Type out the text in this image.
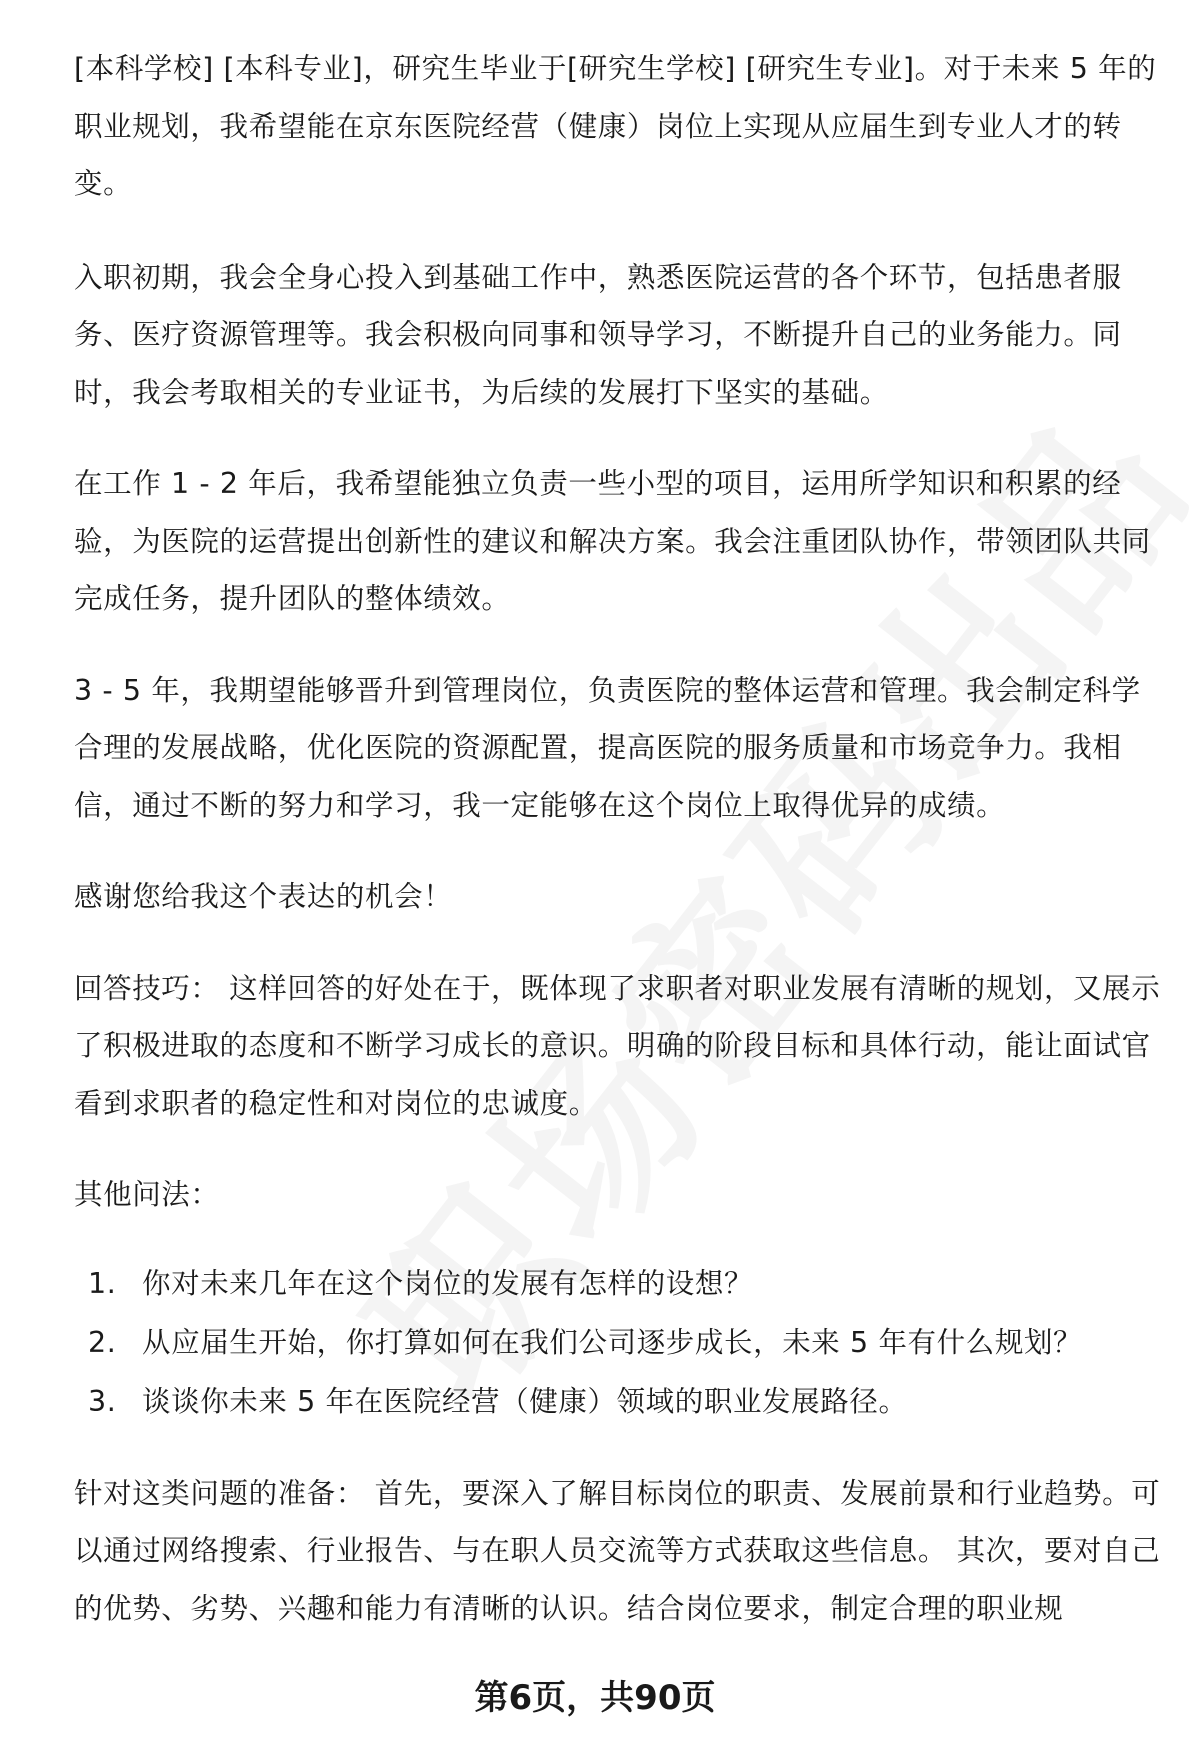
[本科学校] [本科专业]，研究生毕业于[研究生学校] [研究生专业]。对于未来 5 年的职业规划，我希望能在京东医院经营（健康）岗位上实现从应届生到专业人才的转变。

入职初期，我会全身心投入到基础工作中，熟悉医院运营的各个环节，包括患者服务、医疗资源管理等。我会积极向同事和领导学习，不断提升自己的业务能力。同时，我会考取相关的专业证书，为后续的发展打下坚实的基础。

在工作 1 - 2 年后，我希望能独立负责一些小型的项目，运用所学知识和积累的经验，为医院的运营提出创新性的建议和解决方案。我会注重团队协作，带领团队共同完成任务，提升团队的整体绩效。

3 - 5 年，我期望能够晋升到管理岗位，负责医院的整体运营和管理。我会制定科学合理的发展战略，优化医院的资源配置，提高医院的服务质量和市场竞争力。我相信，通过不断的努力和学习，我一定能够在这个岗位上取得优异的成绩。

感谢您给我这个表达的机会！

回答技巧： 这样回答的好处在于，既体现了求职者对职业发展有清晰的规划，又展示了积极进取的态度和不断学习成长的意识。明确的阶段目标和具体行动，能让面试官看到求职者的稳定性和对岗位的忠诚度。

其他问法：

1. 你对未来几年在这个岗位的发展有怎样的设想？
2. 从应届生开始，你打算如何在我们公司逐步成长，未来 5 年有什么规划？
3. 谈谈你未来 5 年在医院经营（健康）领域的职业发展路径。

针对这类问题的准备： 首先，要深入了解目标岗位的职责、发展前景和行业趋势。可以通过网络搜索、行业报告、与在职人员交流等方式获取这些信息。 其次，要对自己的优势、劣势、兴趣和能力有清晰的认识。结合岗位要求，制定合理的职业规

第6页，共90页
